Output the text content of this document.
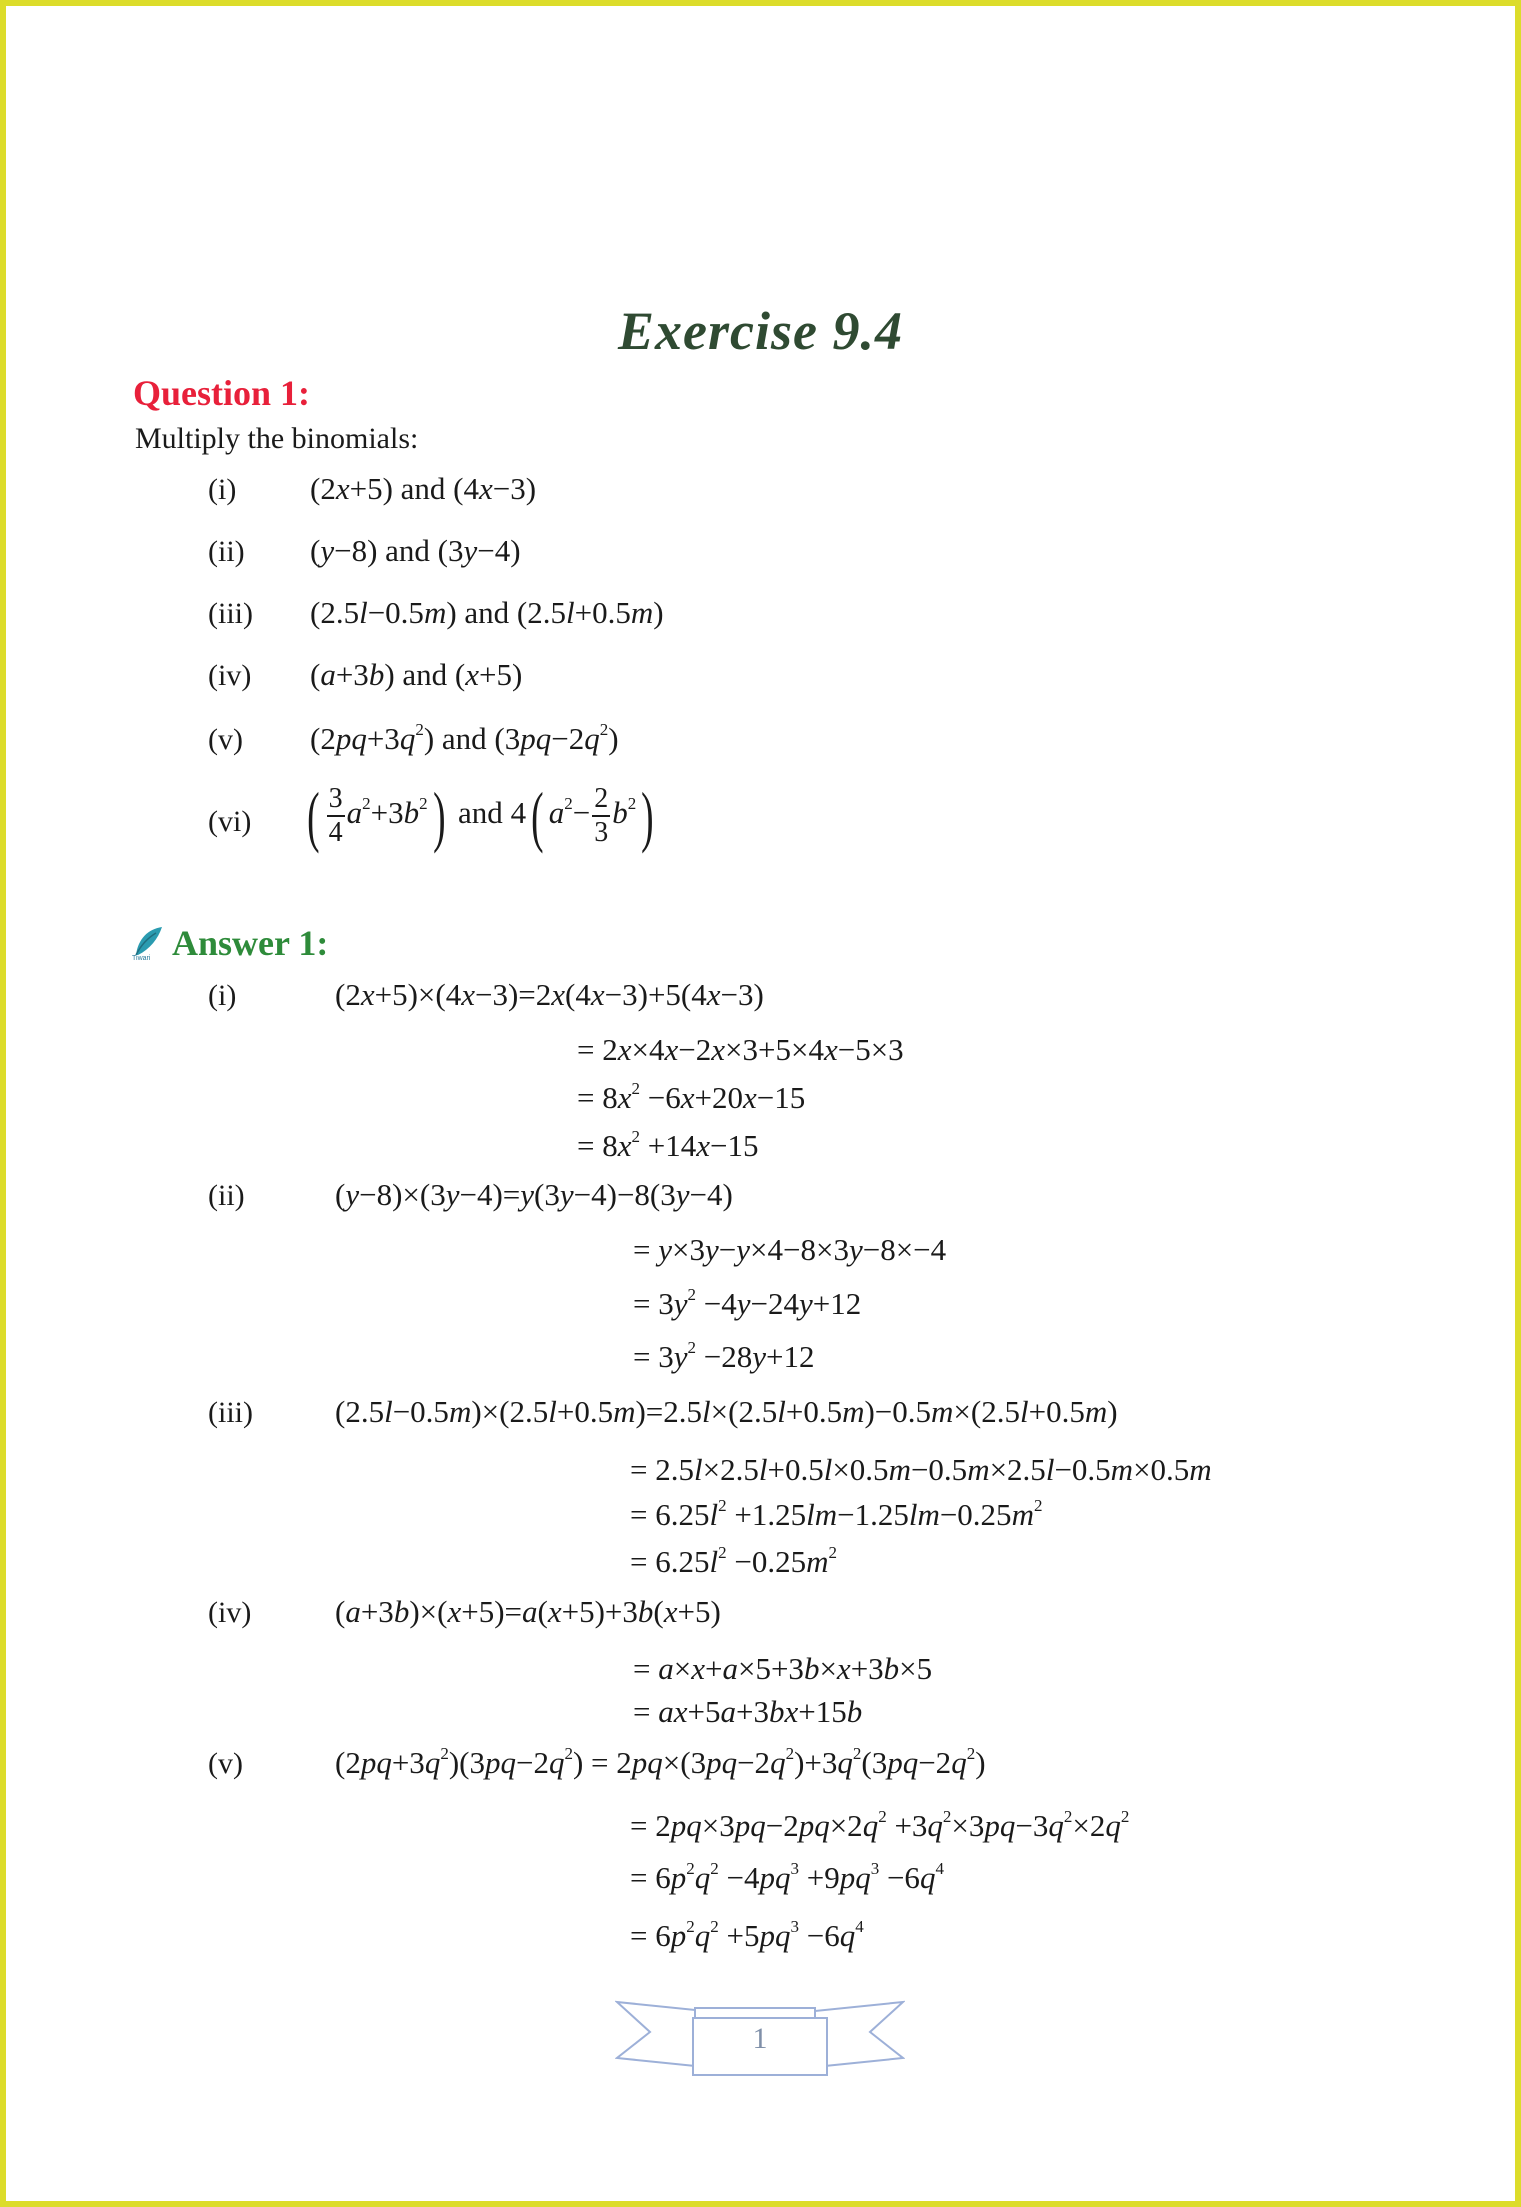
Exercise 9.4
Question 1:
Multiply the binomials:
(i) (2x+5) and (4x−3)
(ii) (y−8) and (3y−4)
(iii) (2.5l−0.5m) and (2.5l+0.5m)
(iv) (a+3b) and (x+5)
(v) $(2pq+3q^2)$ and $(3pq-2q^2)$
(vi) ( $\frac{3}{4} a^2+3b^2$) and 4( $a^2- \frac{2}{3} b^2$)
Tiwari Answer 1:
(i)	(2x+5)×(4x−3)=2x(4x−3)+5(4x−3)
= 2x×4x−2x×3+5×4x−5×3
= $8x^2 -6x+20x-15$
= $8x^2 +14x-15$
(ii)	(y−8)×(3y−4)=y(3y−4)−8(3y−4)
= y×3y−y×4−8×3y−8×−4
= $3y^2 -4y-24y+12$
= $3y^2 -28y+12$
(iii)	(2.5l−0.5m)×(2.5l+0.5m)=2.5l×(2.5l+0.5m)−0.5m×(2.5l+0.5m)
= 2.5l×2.5l+0.5l×0.5m−0.5m×2.5l−0.5m×0.5m
= $6.25l^2 +1.25lm-1.25lm-0.25m^2$
= $6.25l^2 -0.25m^2$
(iv)	(a+3b)×(x+5)=a(x+5)+3b(x+5)
= a×x+a×5+3b×x+3b×5
= ax+5a+3bx+15b
(v)	$(2pq+3q^2)(3pq-2q^2) = 2pq\times(3pq-2q^2)+3q^2(3pq-2q^2)$
= $2pq\times 3pq-2pq\times 2q^2 +3q^2\times 3pq-3q^2\times 2q^2$
= $6p^2q^2 -4pq^3 +9pq^3 -6q^4$
= $6p^2q^2 +5pq^3 -6q^4$
1
